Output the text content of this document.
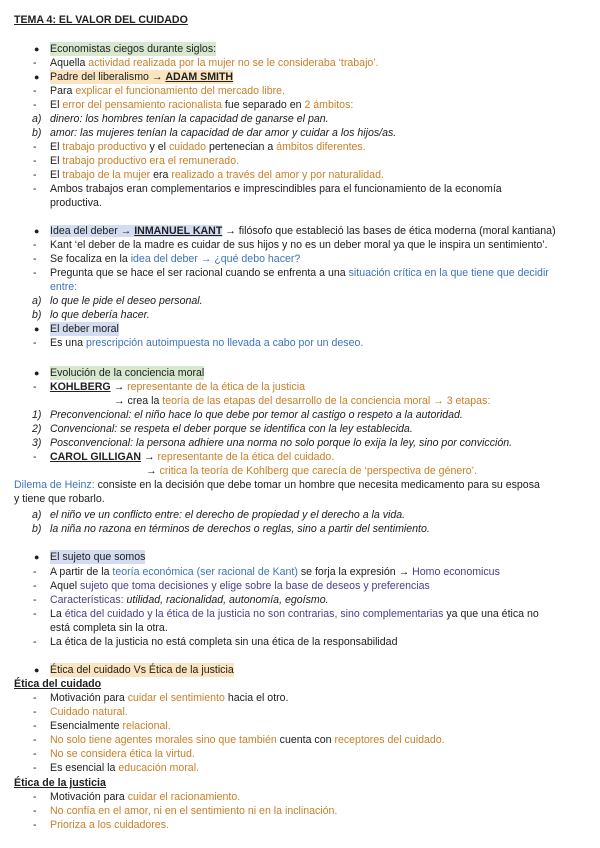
TEMA 4: EL VALOR DEL CUIDADO
● Economistas ciegos durante siglos:
- Aquella actividad realizada por la mujer no se le consideraba ‘trabajo’.
● Padre del liberalismo → ADAM SMITH
- Para explicar el funcionamiento del mercado libre.
- El error del pensamiento racionalista fue separado en 2 ámbitos:
a) dinero: los hombres tenían la capacidad de ganarse el pan.
b) amor: las mujeres tenían la capacidad de dar amor y cuidar a los hijos/as.
- El trabajo productivo y el cuidado pertenecian a ámbitos diferentes.
- El trabajo productivo era el remunerado.
- El trabajo de la mujer era realizado a través del amor y por naturalidad.
- Ambos trabajos eran complementarios e imprescindibles para el funcionamiento de la economía
productiva.
● Idea del deber → INMANUEL KANT → filósofo que estableció las bases de ética moderna (moral kantiana)
- Kant ‘el deber de la madre es cuidar de sus hijos y no es un deber moral ya que le inspira un sentimiento’.
- Se focaliza en la idea del deber → ¿qué debo hacer?
- Pregunta que se hace el ser racional cuando se enfrenta a una situación crítica en la que tiene que decidir
entre:
a) lo que le pide el deseo personal.
b) lo que debería hacer.
● El deber moral
- Es una prescripción autoimpuesta no llevada a cabo por un deseo.
● Evolución de la conciencia moral
- KOHLBERG → representante de la ética de la justicia
→ crea la teoría de las etapas del desarrollo de la conciencia moral → 3 etapas:
1) Preconvencional: el niño hace lo que debe por temor al castigo o respeto a la autoridad.
2) Convencional: se respeta el deber porque se identifica con la ley establecida.
3) Posconvencional: la persona adhiere una norma no solo porque lo exija la ley, sino por convicción.
- CAROL GILLIGAN → representante de la ética del cuidado.
→ critica la teoría de Kohlberg que carecía de ‘perspectiva de género’.
Dilema de Heinz: consiste en la decisión que debe tomar un hombre que necesita medicamento para su esposa
y tiene que robarlo.
a) el niño ve un conflicto entre: el derecho de propiedad y el derecho a la vida.
b) la niña no razona en términos de derechos o reglas, sino a partir del sentimiento.
● El sujeto que somos
- A partir de la teoría económica (ser racional de Kant) se forja la expresión → Homo economicus
- Aquel sujeto que toma decisiones y elige sobre la base de deseos y preferencias
- Características: utilidad, racionalidad, autonomía, egoísmo.
- La ética del cuidado y la ética de la justicia no son contrarias, sino complementarias ya que una ética no
está completa sin la otra.
- La ética de la justicia no está completa sin una ética de la responsabilidad
● Ética del cuidado Vs Ética de la justicia
Ética del cuidado
- Motivación para cuidar el sentimiento hacia el otro.
- Cuidado natural.
- Esencialmente relacional.
- No solo tiene agentes morales sino que también cuenta con receptores del cuidado.
- No se considera ética la virtud.
- Es esencial la educación moral.
Ética de la justicia
- Motivación para cuidar el racionamiento.
- No confía en el amor, ni en el sentimiento ni en la inclinación.
- Prioriza a los cuidadores.
